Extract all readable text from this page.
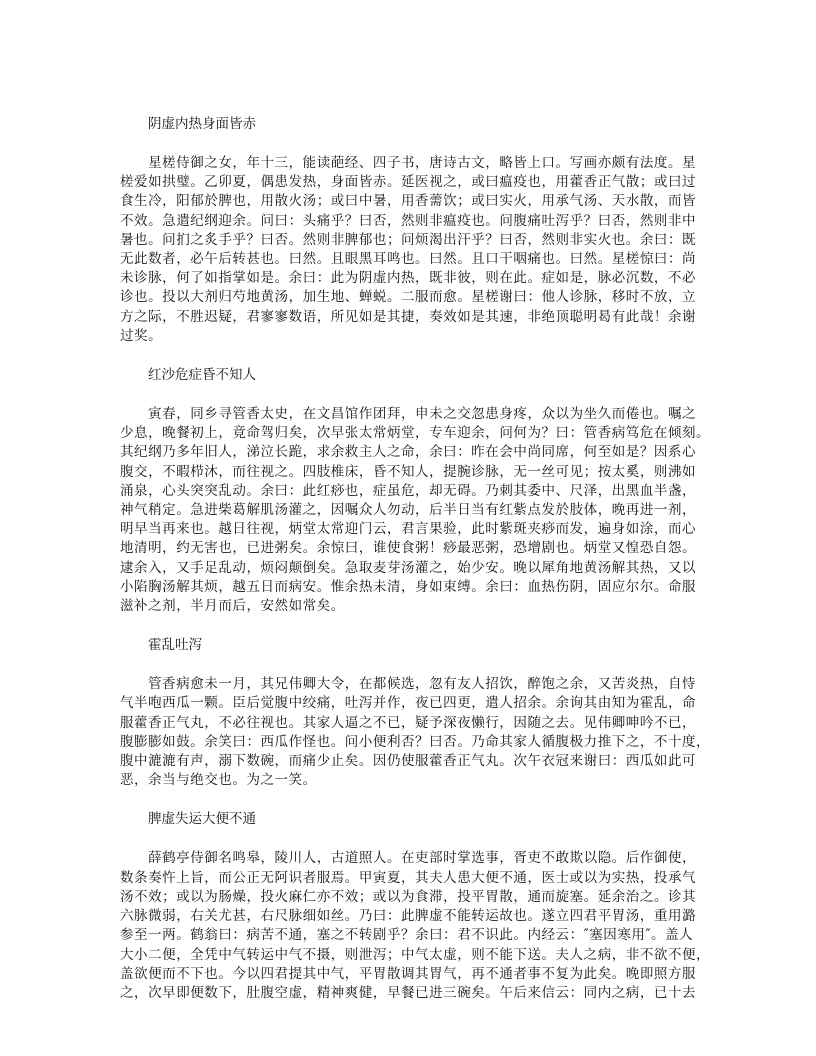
阴虚内热身面皆赤
　　星槎侍御之女，年十三，能读葩经、四子书，唐诗古文，略皆上口。写画亦颇有法度。星
槎爱如拱璧。乙卯夏，偶患发热，身面皆赤。延医视之，或曰瘟疫也，用藿香正气散；或曰过
食生冷，阳郁於脾也，用散火汤；或曰中暑，用香薷饮；或曰实火，用承气汤、天水散，而皆
不效。急遣纪纲迎余。问曰：头痛乎？曰否，然则非瘟疫也。问腹痛吐泻乎？曰否，然则非中
暑也。问扪之炙手乎？曰否。然则非脾郁也；问烦渴出汗乎？曰否，然则非实火也。余曰：既
无此数者，必午后转甚也。曰然。且眼黑耳鸣也。曰然。且口干咽痛也。曰然。星槎惊曰：尚
未诊脉，何了如指掌如是。余曰：此为阴虚内热，既非彼，则在此。症如是，脉必沉数，不必
诊也。投以大剂归芍地黄汤，加生地、蝉蜕。二服而愈。星槎谢曰：他人诊脉，移时不放，立
方之际，不胜迟疑，君寥寥数语，所见如是其捷，奏效如是其速，非绝顶聪明曷有此哉！余谢
过奖。
红沙危症昏不知人
　　寅春，同乡寻管香太史，在文昌馆作团拜，申未之交忽患身疼，众以为坐久而倦也。嘱之
少息，晚餐初上，竟命驾归矣，次早张太常炳堂，专车迎余，问何为？曰：管香病笃危在倾刻。
其纪纲乃多年旧人，涕泣长跪，求余救主人之命，余曰：昨在会中尚同席，何至如是？因系心
腹交，不暇栉沐，而往视之。四肢椎床，昏不知人，提腕诊脉，无一丝可见；按太奚，则沸如
涌泉，心头突突乱动。余曰：此红痧也，症虽危，却无碍。乃刺其委中、尺泽，出黑血半盏，
神气稍定。急进柴葛解肌汤灌之，因嘱众人勿动，后半日当有红紫点发於肢体，晚再进一剂，
明早当再来也。越日往视，炳堂太常迎门云，君言果验，此时紫斑夹痧而发，遍身如涂，而心
地清明，约无害也，已进粥矣。余惊曰，谁使食粥！痧最恶粥，恐增剧也。炳堂又惶恐自怨。
逮余入，又手足乱动，烦闷颠倒矣。急取麦芽汤灌之，始少安。晚以犀角地黄汤解其热，又以
小陷胸汤解其烦，越五日而病安。惟余热未清，身如束缚。余曰：血热伤阴，固应尔尔。命服
滋补之剂，半月而后，安然如常矣。
霍乱吐泻
　　管香病愈未一月，其兄伟卿大令，在都候选，忽有友人招饮，醉饱之余，又苦炎热，自恃
气半咆西瓜一颗。臣后觉腹中绞痛，吐泻并作，夜已四更，遣人招余。余询其由知为霍乱，命
服藿香正气丸，不必往视也。其家人逼之不已，疑予深夜懒行，因随之去。见伟卿呻吟不已，
腹膨膨如鼓。余笑曰：西瓜作怪也。问小便利否？曰否。乃命其家人循腹极力推下之，不十度，
腹中漉漉有声，溺下数碗，而痛少止矣。因仍使服藿香正气丸。次午衣冠来谢曰：西瓜如此可
恶，余当与绝交也。为之一笑。
脾虚失运大便不通
　　薛鹤亭侍御名鸣皋，陵川人，古道照人。在吏部时掌选事，胥吏不敢欺以隐。后作御使，
数条奏忤上旨，而公正无阿识者服焉。甲寅夏，其夫人患大便不通，医士或以为实热，投承气
汤不效；或以为肠燥，投火麻仁亦不效；或以为食滞，投平胃散，通而旋塞。延余治之。诊其
六脉微弱，右关尤甚，右尺脉细如丝。乃曰：此脾虚不能转运故也。遂立四君平胃汤，重用潞
参至一两。鹤翁曰：病苦不通，塞之不转剧乎？余曰：君不识此。内经云：″塞因寒用″。盖人
大小二便，全凭中气转运中气不摄，则泄泻；中气太虚，则不能下送。夫人之病，非不欲不便，
盖欲便而不下也。今以四君提其中气，平胃散调其胃气，再不通者事不复为此矣。晚即照方服
之，次早即便数下，肚腹空虚，精神爽健，早餐已进三碗矣。午后来信云：同内之病，已十去
